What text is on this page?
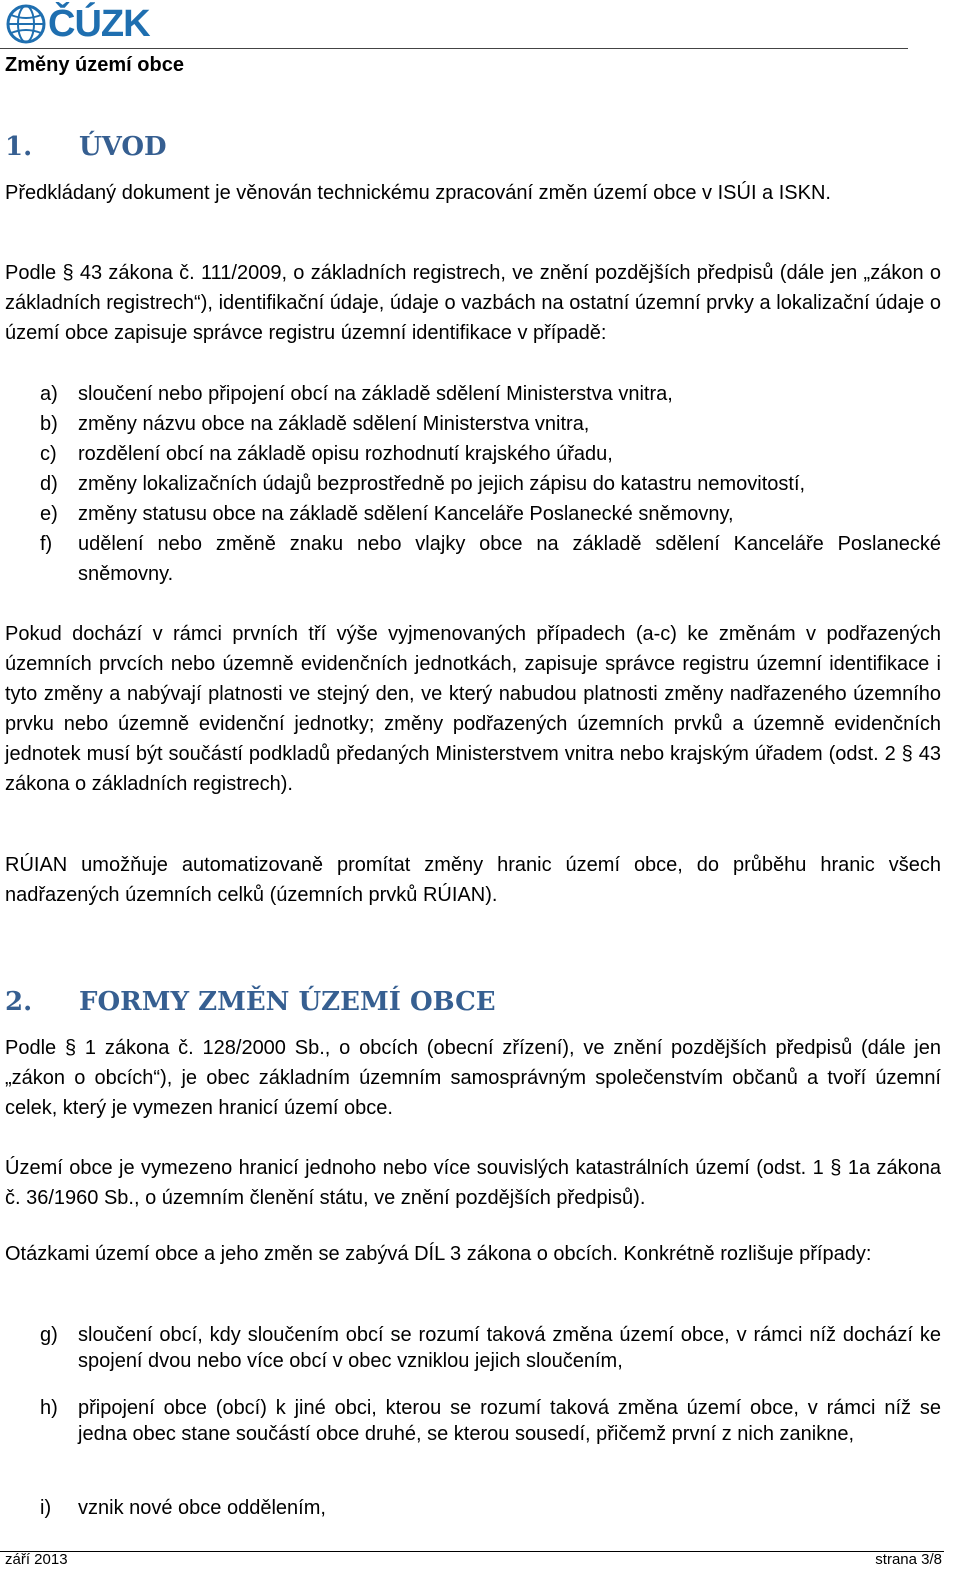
ČÚZK
Změny území obce
1. ÚVOD
Předkládaný dokument je věnován technickému zpracování změn území obce v ISÚI a ISKN.
Podle § 43 zákona č. 111/2009, o základních registrech, ve znění pozdějších předpisů (dále jen „zákon o základních registrech“), identifikační údaje, údaje o vazbách na ostatní územní prvky a lokalizační údaje o území obce zapisuje správce registru územní identifikace v případě:
a)	sloučení nebo připojení obcí na základě sdělení Ministerstva vnitra,
b)	změny názvu obce na základě sdělení Ministerstva vnitra,
c)	rozdělení obcí na základě opisu rozhodnutí krajského úřadu,
d)	změny lokalizačních údajů bezprostředně po jejich zápisu do katastru nemovitostí,
e)	změny statusu obce na základě sdělení Kanceláře Poslanecké sněmovny,
f)	udělení nebo změně znaku nebo vlajky obce na základě sdělení Kanceláře Poslanecké sněmovny.
Pokud dochází v rámci prvních tří výše vyjmenovaných případech (a-c) ke změnám v podřazených územních prvcích nebo územně evidenčních jednotkách, zapisuje správce registru územní identifikace i tyto změny a nabývají platnosti ve stejný den, ve který nabudou platnosti změny nadřazeného územního prvku nebo územně evidenční jednotky; změny podřazených územních prvků a územně evidenčních jednotek musí být součástí podkladů předaných Ministerstvem vnitra nebo krajským úřadem (odst. 2 § 43 zákona o základních registrech).
RÚIAN umožňuje automatizovaně promítat změny hranic území obce, do průběhu hranic všech nadřazených územních celků (územních prvků RÚIAN).
2. FORMY ZMĚN ÚZEMÍ OBCE
Podle § 1 zákona č. 128/2000 Sb., o obcích (obecní zřízení), ve znění pozdějších předpisů (dále jen „zákon o obcích“), je obec základním územním samosprávným společenstvím občanů a tvoří územní celek, který je vymezen hranicí území obce.
Území obce je vymezeno hranicí jednoho nebo více souvislých katastrálních území (odst. 1 § 1a zákona č. 36/1960 Sb., o územním členění státu, ve znění pozdějších předpisů).
Otázkami území obce a jeho změn se zabývá DÍL 3 zákona o obcích. Konkrétně rozlišuje případy:
g)	sloučení obcí, kdy sloučením obcí se rozumí taková změna území obce, v rámci níž dochází ke spojení dvou nebo více obcí v obec vzniklou jejich sloučením,
h)	připojení obce (obcí) k jiné obci, kterou se rozumí taková změna území obce, v rámci níž se jedna obec stane součástí obce druhé, se kterou sousedí, přičemž první z nich zanikne,
i)	vznik nové obce oddělením,
září 2013	strana 3/8
